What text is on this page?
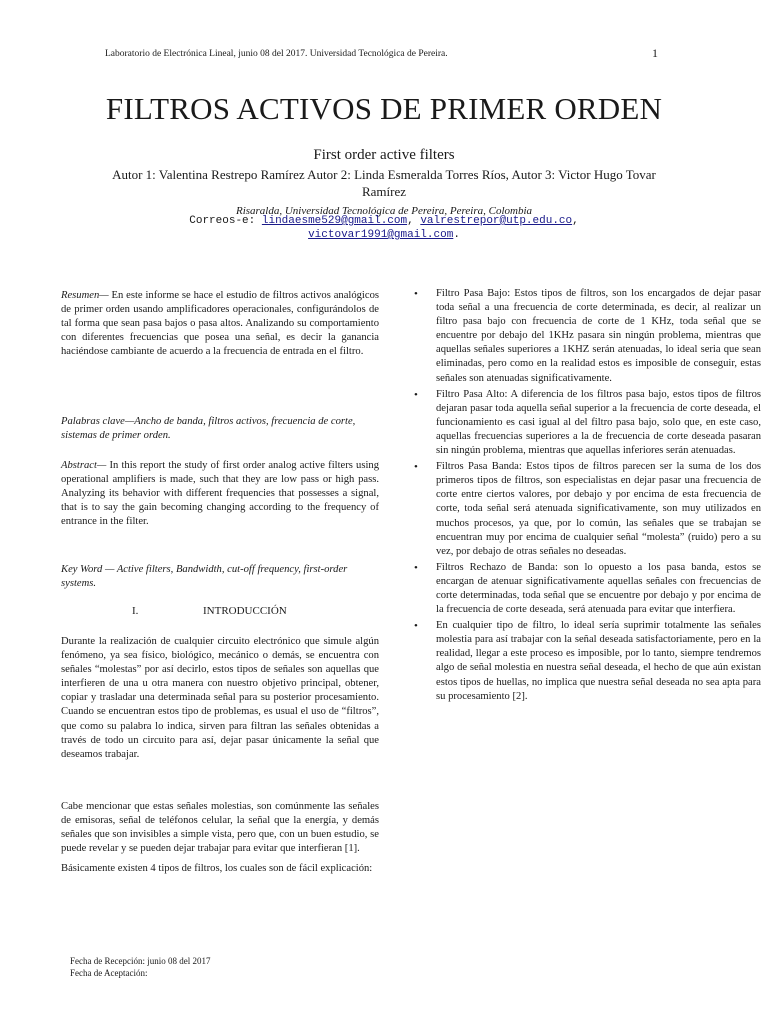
Laboratorio de Electrónica Lineal, junio 08 del 2017. Universidad Tecnológica de Pereira.	1
FILTROS ACTIVOS DE PRIMER ORDEN
First order active filters
Autor 1: Valentina Restrepo Ramírez Autor 2: Linda Esmeralda Torres Ríos, Autor 3: Victor Hugo Tovar Ramírez
Risaralda, Universidad Tecnológica de Pereira, Pereira, Colombia
Correos-e: lindaesme529@gmail.com, valrestrepor@utp.edu.co, victovar1991@gmail.com.
Resumen— En este informe se hace el estudio de filtros activos analógicos de primer orden usando amplificadores operacionales, configurándolos de tal forma que sean pasa bajos o pasa altos. Analizando su comportamiento con diferentes frecuencias que posea una señal, es decir la ganancia haciéndose cambiante de acuerdo a la frecuencia de entrada en el filtro.
Palabras clave—Ancho de banda, filtros activos, frecuencia de corte, sistemas de primer orden.
Abstract— In this report the study of first order analog active filters using operational amplifiers is made, such that they are low pass or high pass. Analyzing its behavior with different frequencies that possesses a signal, that is to say the gain becoming changing according to the frequency of entrance in the filter.
Key Word — Active filters, Bandwidth, cut-off frequency, first-order systems.
I.	INTRODUCCIÓN
Durante la realización de cualquier circuito electrónico que simule algún fenómeno, ya sea físico, biológico, mecánico o demás, se encuentra con señales “molestas” por así decirlo, estos tipos de señales son aquellas que interfieren de una u otra manera con nuestro objetivo principal, obtener, copiar y trasladar una determinada señal para su posterior procesamiento. Cuando se encuentran estos tipo de problemas, es usual el uso de “filtros”, que como su palabra lo indica, sirven para filtran las señales obtenidas a través de todo un circuito para así, dejar pasar únicamente la señal que deseamos trabajar.
Cabe mencionar que estas señales molestias, son comúnmente las señales de emisoras, señal de teléfonos celular, la señal que la energía, y demás señales que son invisibles a simple vista, pero que, con un buen estudio, se puede revelar y se pueden dejar trabajar para evitar que interfieran [1].
Básicamente existen 4 tipos de filtros, los cuales son de fácil explicación:
• Filtro Pasa Bajo: Estos tipos de filtros, son los encargados de dejar pasar toda señal a una frecuencia de corte determinada, es decir, al realizar un filtro pasa bajo con frecuencia de corte de 1 KHz, toda señal que se encuentre por debajo del 1KHz pasara sin ningún problema, mientras que aquellas señales superiores a 1KHZ serán atenuadas, lo ideal seria que sean eliminadas, pero como en la realidad estos es imposible de conseguir, estas señales son atenuadas significativamente.
• Filtro Pasa Alto: A diferencia de los filtros pasa bajo, estos tipos de filtros dejaran pasar toda aquella señal superior a la frecuencia de corte deseada, el funcionamiento es casi igual al del filtro pasa bajo, solo que, en este caso, aquellas frecuencias superiores a la de frecuencia de corte deseada pasaran sin ningún problema, mientras que aquellas inferiores serán atenuadas.
• Filtros Pasa Banda: Estos tipos de filtros parecen ser la suma de los dos primeros tipos de filtros, son especialistas en dejar pasar una frecuencia de corte entre ciertos valores, por debajo y por encima de esta frecuencia de corte, toda señal será atenuada significativamente, son muy utilizados en muchos procesos, ya que, por lo común, las señales que se trabajan se encuentran muy por encima de cualquier señal “molesta” (ruido) pero a su vez, por debajo de otras señales no deseadas.
• Filtros Rechazo de Banda: son lo opuesto a los pasa banda, estos se encargan de atenuar significativamente aquellas señales con frecuencias de corte determinadas, toda señal que se encuentre por debajo y por encima de la frecuencia de corte deseada, será atenuada para evitar que interfiera.
• En cualquier tipo de filtro, lo ideal sería suprimir totalmente las señales molestia para así trabajar con la señal deseada satisfactoriamente, pero en la realidad, llegar a este proceso es imposible, por lo tanto, siempre tendremos algo de señal molestia en nuestra señal deseada, el hecho de que aún existan estos tipos de huellas, no implica que nuestra señal deseada no sea apta para su procesamiento [2].
Fecha de Recepción: junio 08 del 2017
Fecha de Aceptación:
